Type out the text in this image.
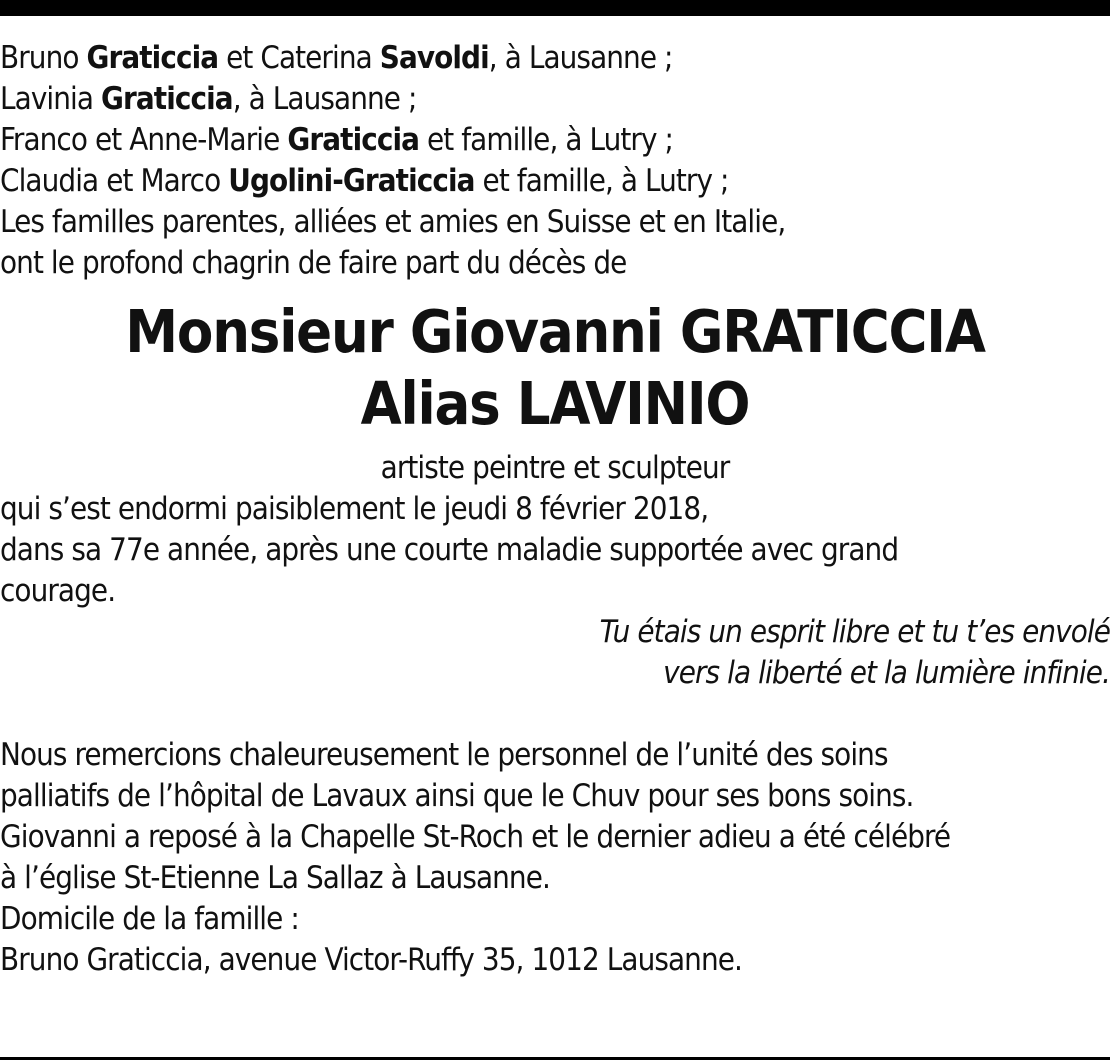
Bruno Graticcia et Caterina Savoldi, à Lausanne ;
Lavinia Graticcia, à Lausanne ;
Franco et Anne-Marie Graticcia et famille, à Lutry ;
Claudia et Marco Ugolini-Graticcia et famille, à Lutry ;
Les familles parentes, alliées et amies en Suisse et en Italie,
ont le profond chagrin de faire part du décès de
Monsieur Giovanni GRATICCIA
Alias LAVINIO
artiste peintre et sculpteur
qui s’est endormi paisiblement le jeudi 8 février 2018,
dans sa 77e année, après une courte maladie supportée avec grand
courage.
Tu étais un esprit libre et tu t’es envolé
vers la liberté et la lumière infinie.
Nous remercions chaleureusement le personnel de l’unité des soins
palliatifs de l’hôpital de Lavaux ainsi que le Chuv pour ses bons soins.
Giovanni a reposé à la Chapelle St-Roch et le dernier adieu a été célébré
à l’église St-Etienne La Sallaz à Lausanne.
Domicile de la famille :
Bruno Graticcia, avenue Victor-Ruffy 35, 1012 Lausanne.
